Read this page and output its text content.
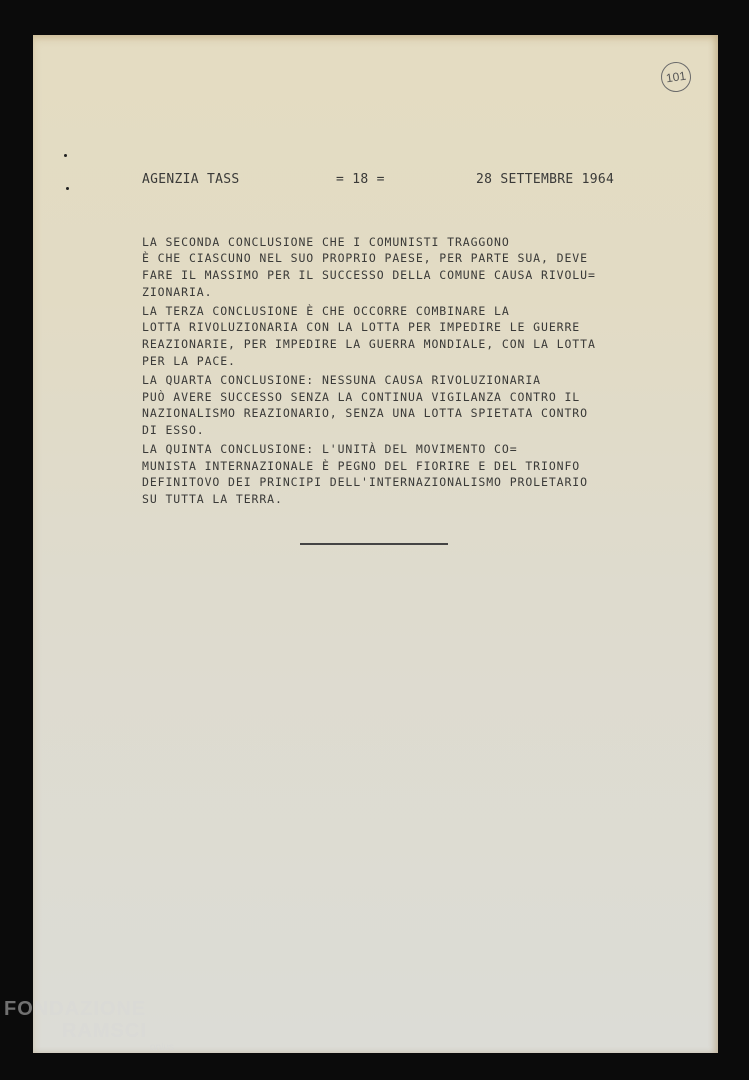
101
AGENZIA TASS	= 18 =	28 SETTEMBRE 1964
LA SECONDA CONCLUSIONE CHE I COMUNISTI TRAGGONO
È CHE CIASCUNO NEL SUO PROPRIO PAESE, PER PARTE SUA, DEVE
FARE IL MASSIMO PER IL SUCCESSO DELLA COMUNE CAUSA RIVOLU=
ZIONARIA.
LA TERZA CONCLUSIONE È CHE OCCORRE COMBINARE LA
LOTTA RIVOLUZIONARIA CON LA LOTTA PER IMPEDIRE LE GUERRE
REAZIONARIE, PER IMPEDIRE LA GUERRA MONDIALE, CON LA LOTTA
PER LA PACE.
LA QUARTA CONCLUSIONE: NESSUNA CAUSA RIVOLUZIONARIA
PUÒ AVERE SUCCESSO SENZA LA CONTINUA VIGILANZA CONTRO IL
NAZIONALISMO REAZIONARIO, SENZA UNA LOTTA SPIETATA CONTRO
DI ESSO.
LA QUINTA CONCLUSIONE: L'UNITÀ DEL MOVIMENTO CO=
MUNISTA INTERNAZIONALE È PEGNO DEL FIORIRE E DEL TRIONFO
DEFINITOVO DEI PRINCIPI DELL'INTERNAZIONALISMO PROLETARIO
SU TUTTA LA TERRA.
FONDAZIONE
RAMSCI
onlus
